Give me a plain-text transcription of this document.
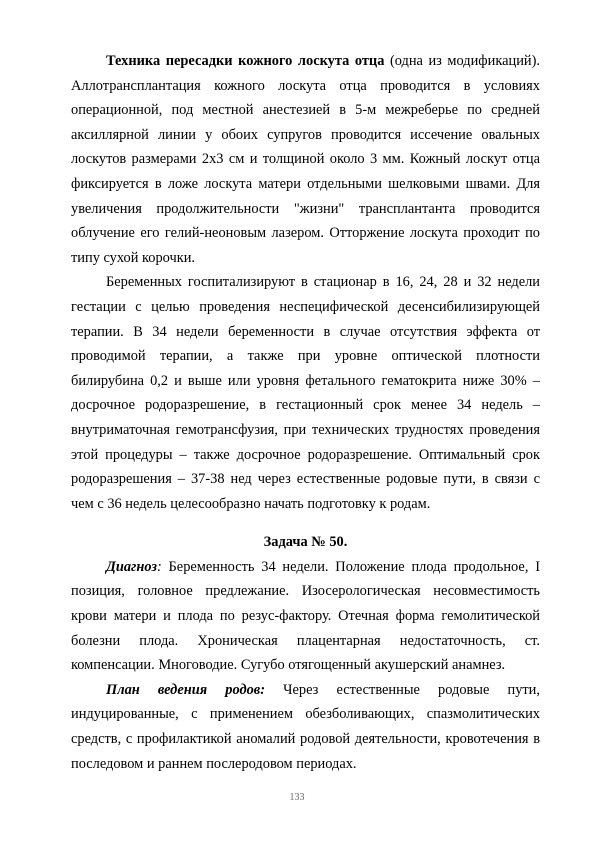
Техника пересадки кожного лоскута отца (одна из модификаций). Аллотрансплантация кожного лоскута отца проводится в условиях операционной, под местной анестезией в 5-м межреберье по средней аксиллярной линии у обоих супругов проводится иссечение овальных лоскутов размерами 2х3 см и толщиной около 3 мм. Кожный лоскут отца фиксируется в ложе лоскута матери отдельными шелковыми швами. Для увеличения продолжительности "жизни" трансплантанта проводится облучение его гелий-неоновым лазером. Отторжение лоскута проходит по типу сухой корочки.

Беременных госпитализируют в стационар в 16, 24, 28 и 32 недели гестации с целью проведения неспецифической десенсибилизирующей терапии. В 34 недели беременности в случае отсутствия эффекта от проводимой терапии, а также при уровне оптической плотности билирубина 0,2 и выше или уровня фетального гематокрита ниже 30% – досрочное родоразрешение, в гестационный срок менее 34 недель – внутриматочная гемотрансфузия, при технических трудностях проведения этой процедуры – также досрочное родоразрешение. Оптимальный срок родоразрешения – 37-38 нед через естественные родовые пути, в связи с чем с 36 недель целесообразно начать подготовку к родам.

Задача № 50.

Диагноз: Беременность 34 недели. Положение плода продольное, I позиция, головное предлежание. Изосерологическая несовместимость крови матери и плода по резус-фактору. Отечная форма гемолитической болезни плода. Хроническая плацентарная недостаточность, ст. компенсации. Многоводие. Сугубо отягощенный акушерский анамнез.

План ведения родов: Через естественные родовые пути, индуцированные, с применением обезболивающих, спазмолитических средств, с профилактикой аномалий родовой деятельности, кровотечения в последовом и раннем послеродовом периодах.

133
